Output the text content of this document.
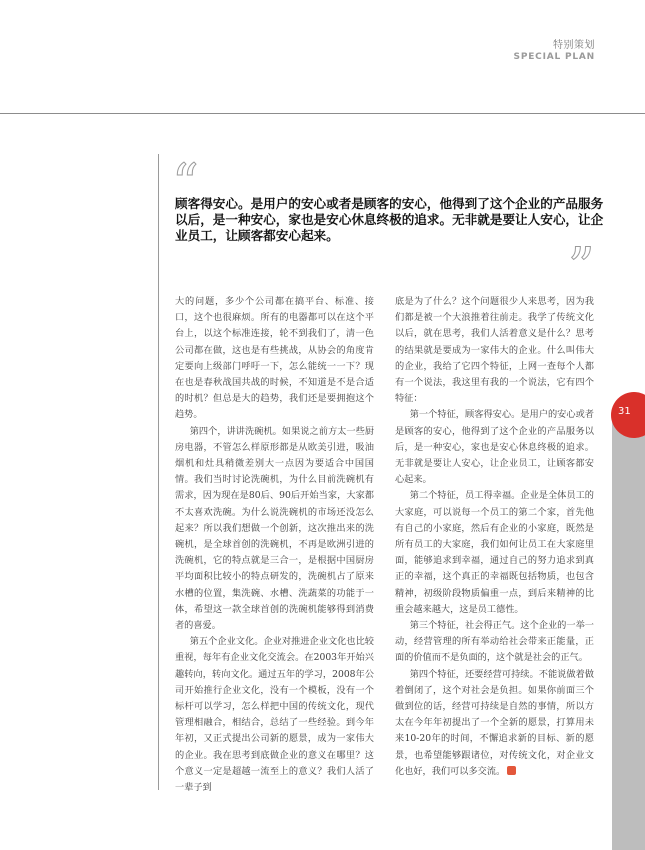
特别策划
SPECIAL PLAN
31
“
顾客得安心。是用户的安心或者是顾客的安心，他得到了这个企业的产品服务以后，是一种安心，家也是安心休息终极的追求。无非就是要让人安心，让企业员工，让顾客都安心起来。
”

大的问题，多少个公司都在搞平台、标准、接口，这个也很麻烦。所有的电器都可以在这个平台上，以这个标准连接，轮不到我们了，清一色公司都在做，这也是有些挑战，从协会的角度肯定要向上级部门呼吁一下，怎么能统一一下？现在也是春秋战国共战的时候，不知道是不是合适的时机？但总是大的趋势，我们还是要拥抱这个趋势。

第四个，讲讲洗碗机。如果说之前方太一些厨房电器，不管怎么样原形都是从欧美引进，吸油烟机和灶具稍微差别大一点因为要适合中国国情。我们当时讨论洗碗机，为什么目前洗碗机有需求，因为现在是80后、90后开始当家，大家都不太喜欢洗碗。为什么说洗碗机的市场还没怎么起来？所以我们想做一个创新，这次推出来的洗碗机，是全球首创的洗碗机，不再是欧洲引进的洗碗机，它的特点就是三合一，是根据中国厨房平均面积比较小的特点研发的，洗碗机占了原来水槽的位置，集洗碗、水槽、洗蔬菜的功能于一体，希望这一款全球首创的洗碗机能够得到消费者的喜爱。

第五个企业文化。企业对推进企业文化也比较重视，每年有企业文化交流会。在2003年开始兴趣转向，转向文化。通过五年的学习，2008年公司开始推行企业文化，没有一个模板，没有一个标杆可以学习，怎么样把中国的传统文化，现代管理相融合，相结合，总结了一些经验。到今年年初，又正式提出公司新的愿景，成为一家伟大的企业。我在思考到底做企业的意义在哪里？这个意义一定是超越一流至上的意义？我们人活了一辈子到

底是为了什么？这个问题很少人来思考，因为我们都是被一个大浪推着往前走。我学了传统文化以后，就在思考，我们人活着意义是什么？思考的结果就是要成为一家伟大的企业。什么叫伟大的企业，我给了它四个特征，上网一查每个人都有一个说法，我这里有我的一个说法，它有四个特征：

第一个特征，顾客得安心。是用户的安心或者是顾客的安心，他得到了这个企业的产品服务以后，是一种安心，家也是安心休息终极的追求。无非就是要让人安心，让企业员工，让顾客都安心起来。

第二个特征，员工得幸福。企业是全体员工的大家庭，可以说每一个员工的第二个家，首先他有自己的小家庭，然后有企业的小家庭，既然是所有员工的大家庭，我们如何让员工在大家庭里面，能够追求到幸福，通过自己的努力追求到真正的幸福，这个真正的幸福既包括物质，也包含精神，初级阶段物质偏重一点，到后来精神的比重会越来越大，这是员工德性。

第三个特征，社会得正气。这个企业的一举一动，经营管理的所有举动给社会带来正能量，正面的价值而不是负面的，这个就是社会的正气。

第四个特征，还要经营可持续。不能说做着做着倒闭了，这个对社会是负担。如果你前面三个做到位的话，经营可持续是自然的事情，所以方太在今年年初提出了一个全新的愿景，打算用未来10-20年的时间，不懈追求新的目标、新的愿景，也希望能够跟诸位，对传统文化，对企业文化也好，我们可以多交流。
